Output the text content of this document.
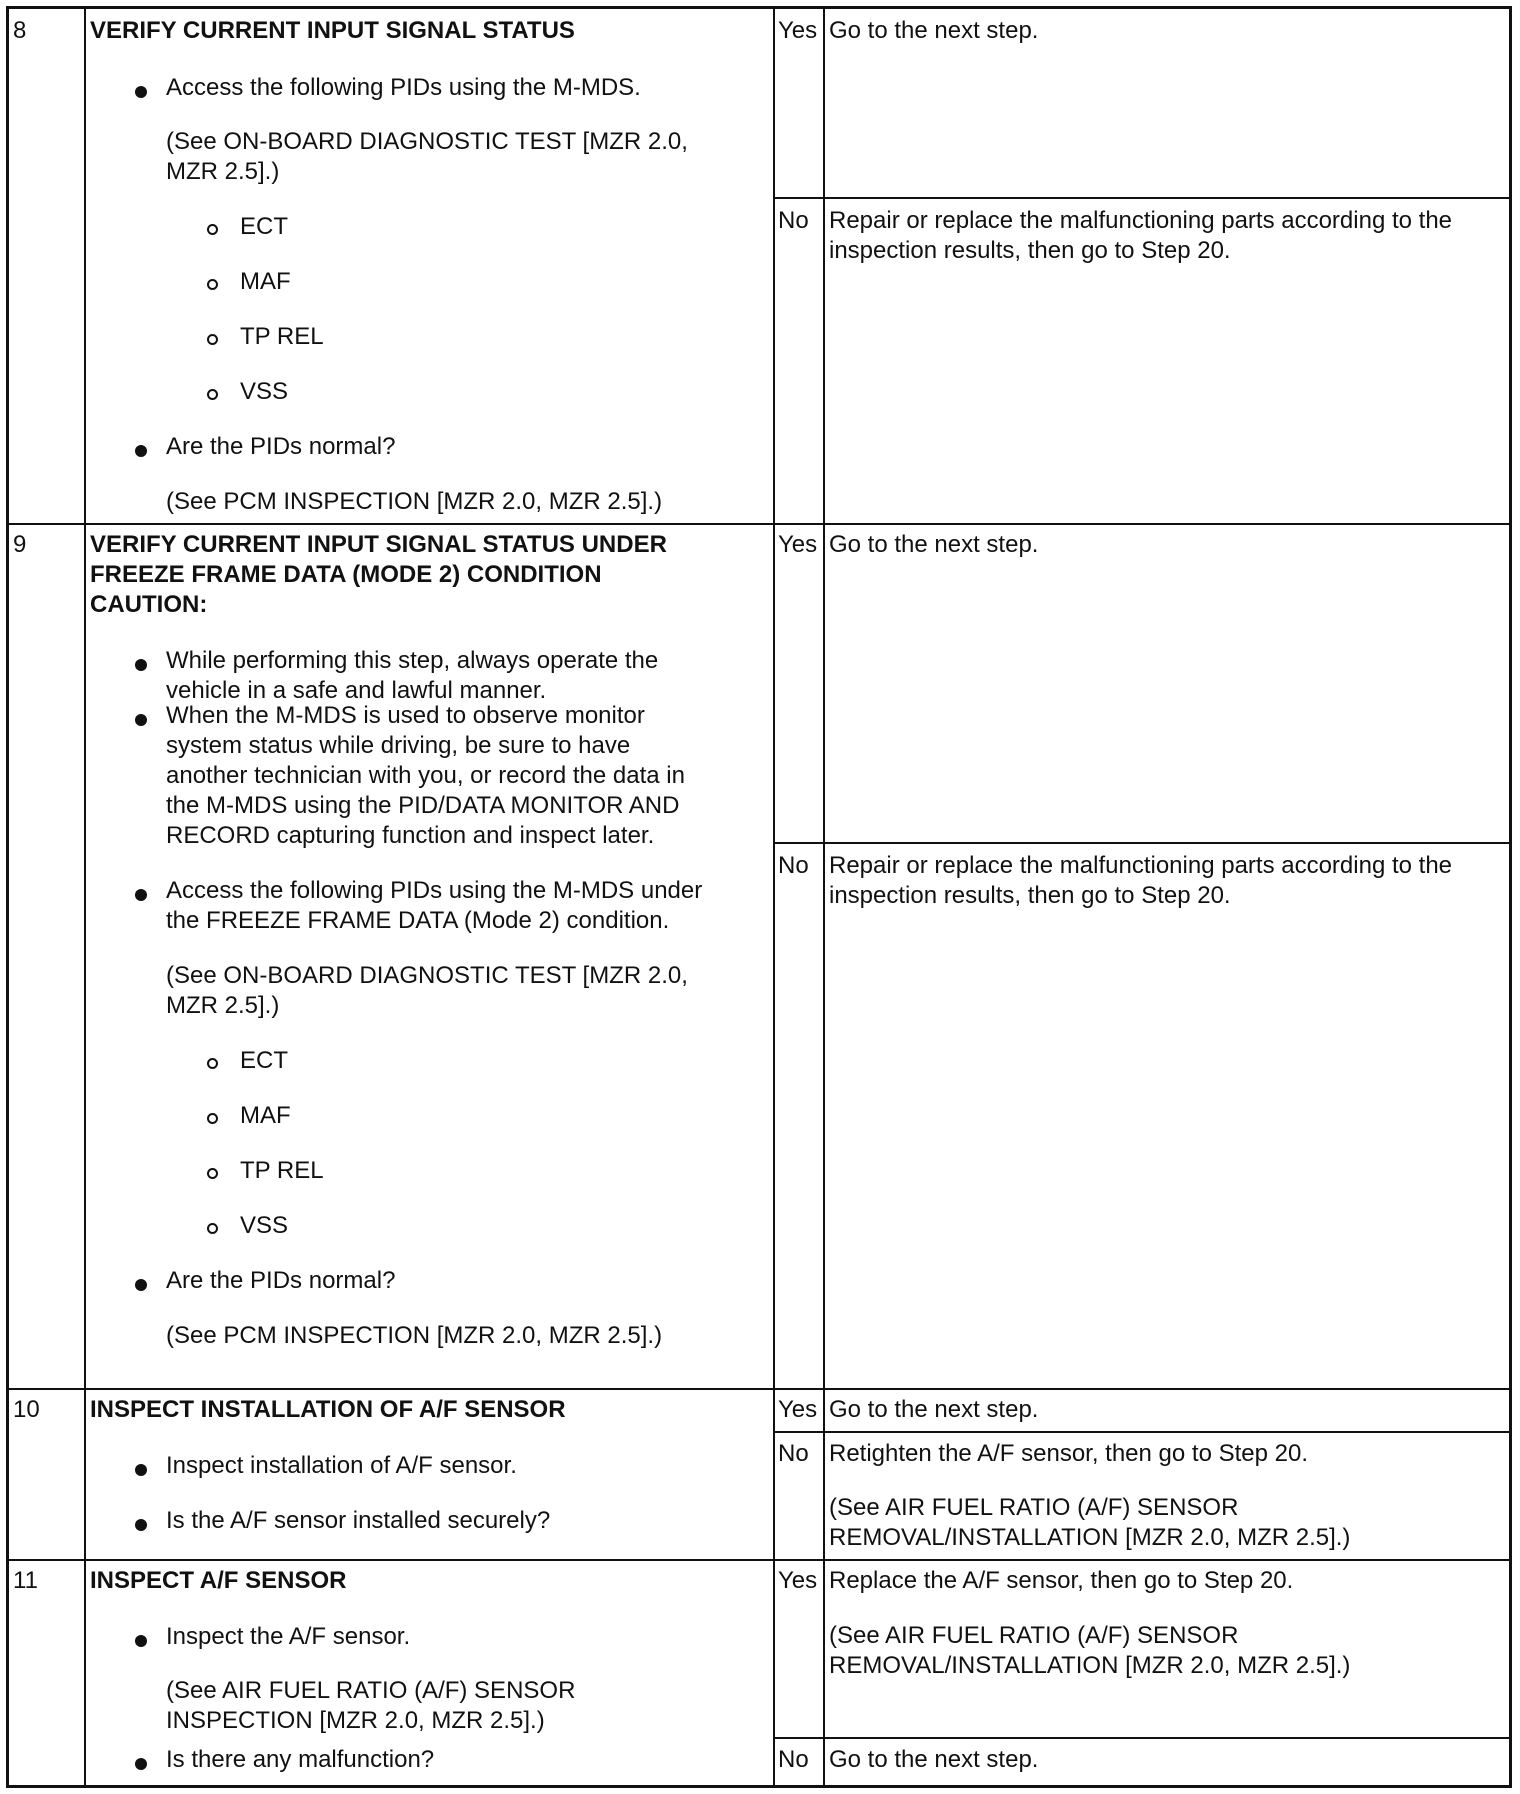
8	VERIFY CURRENT INPUT SIGNAL STATUS
Access the following PIDs using the M-MDS.
(See ON-BOARD DIAGNOSTIC TEST [MZR 2.0,
MZR 2.5].)
ECT
MAF
TP REL
VSS
Are the PIDs normal?
(See PCM INSPECTION [MZR 2.0, MZR 2.5].)
Yes Go to the next step.
No Repair or replace the malfunctioning parts according to the
inspection results, then go to Step 20.
9	VERIFY CURRENT INPUT SIGNAL STATUS UNDER
FREEZE FRAME DATA (MODE 2) CONDITION
CAUTION:
While performing this step, always operate the
vehicle in a safe and lawful manner.
When the M-MDS is used to observe monitor
system status while driving, be sure to have
another technician with you, or record the data in
the M-MDS using the PID/DATA MONITOR AND
RECORD capturing function and inspect later.
Access the following PIDs using the M-MDS under
the FREEZE FRAME DATA (Mode 2) condition.
(See ON-BOARD DIAGNOSTIC TEST [MZR 2.0,
MZR 2.5].)
ECT
MAF
TP REL
VSS
Are the PIDs normal?
(See PCM INSPECTION [MZR 2.0, MZR 2.5].)
Yes Go to the next step.
No Repair or replace the malfunctioning parts according to the
inspection results, then go to Step 20.
10 INSPECT INSTALLATION OF A/F SENSOR
Inspect installation of A/F sensor.
Is the A/F sensor installed securely?
Yes Go to the next step.
No Retighten the A/F sensor, then go to Step 20.
(See AIR FUEL RATIO (A/F) SENSOR
REMOVAL/INSTALLATION [MZR 2.0, MZR 2.5].)
11 INSPECT A/F SENSOR
Inspect the A/F sensor.
(See AIR FUEL RATIO (A/F) SENSOR
INSPECTION [MZR 2.0, MZR 2.5].)
Is there any malfunction?
Yes Replace the A/F sensor, then go to Step 20.
(See AIR FUEL RATIO (A/F) SENSOR
REMOVAL/INSTALLATION [MZR 2.0, MZR 2.5].)
No Go to the next step.
